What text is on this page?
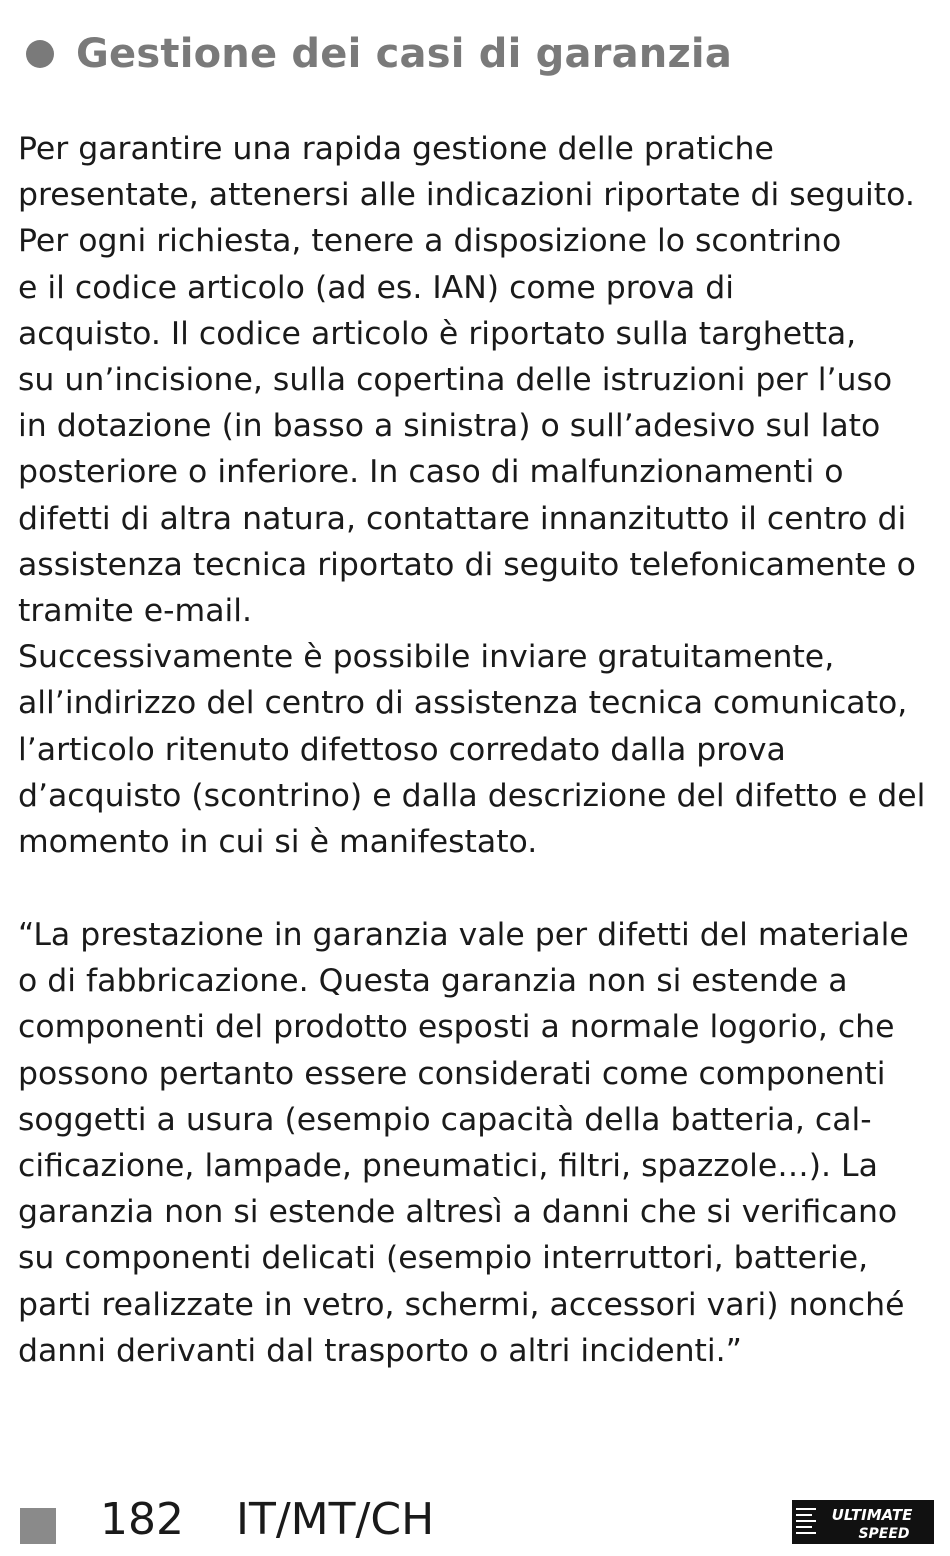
Gestione dei casi di garanzia
Per garantire una rapida gestione delle pratiche
presentate, attenersi alle indicazioni riportate di seguito.
Per ogni richiesta, tenere a disposizione lo scontrino
e il codice articolo (ad es. IAN) come prova di
acquisto. Il codice articolo è riportato sulla targhetta,
su un’incisione, sulla copertina delle istruzioni per l’uso
in dotazione (in basso a sinistra) o sull’adesivo sul lato
posteriore o inferiore. In caso di malfunzionamenti o
difetti di altra natura, contattare innanzitutto il centro di
assistenza tecnica riportato di seguito telefonicamente o
tramite e-mail.
Successivamente è possibile inviare gratuitamente,
all’indirizzo del centro di assistenza tecnica comunicato,
l’articolo ritenuto difettoso corredato dalla prova
d’acquisto (scontrino) e dalla descrizione del difetto e del
momento in cui si è manifestato.
“La prestazione in garanzia vale per difetti del materiale
o di fabbricazione. Questa garanzia non si estende a
componenti del prodotto esposti a normale logorio, che
possono pertanto essere considerati come componenti
soggetti a usura (esempio capacità della batteria, cal-
cificazione, lampade, pneumatici, filtri, spazzole…). La
garanzia non si estende altresì a danni che si verificano
su componenti delicati (esempio interruttori, batterie,
parti realizzate in vetro, schermi, accessori vari) nonché
danni derivanti dal trasporto o altri incidenti.”
182 IT/MT/CH	ULTIMATE
SPEED
